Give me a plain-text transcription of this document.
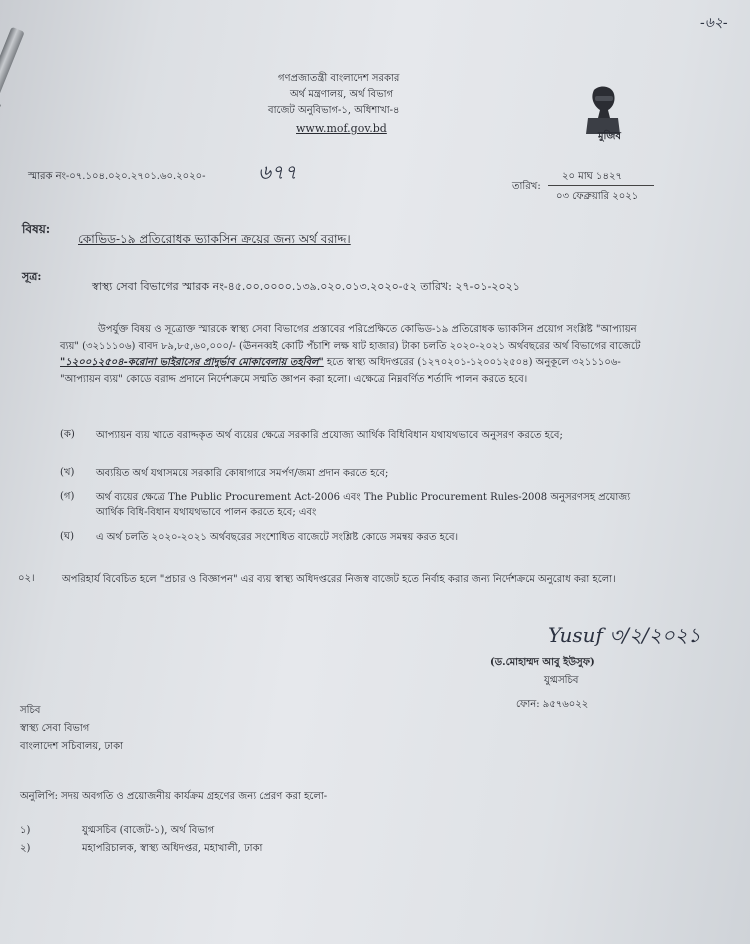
-৬২-
গণপ্রজাতন্ত্রী বাংলাদেশ সরকার
অর্থ মন্ত্রণালয়, অর্থ বিভাগ
বাজেট অনুবিভাগ-১, অধিশাখা-৪
www.mof.gov.bd
মুজিব
স্মারক নং-০৭.১০৪.০২০.২৭০১.৬০.২০২০-	৬৭৭
তারিখ:
২০ মাঘ ১৪২৭
০৩ ফেব্রুয়ারি ২০২১
বিষয়:
কোভিড-১৯ প্রতিরোধক ভ্যাকসিন ক্রয়ের জন্য অর্থ বরাদ্দ।
সূত্র:
স্বাস্থ্য সেবা বিভাগের স্মারক নং-৪৫.০০.০০০০.১৩৯.০২০.০১৩.২০২০-৫২ তারিখ: ২৭-০১-২০২১
উপর্যুক্ত বিষয় ও সূত্রোক্ত স্মারকে স্বাস্থ্য সেবা বিভাগের প্রস্তাবের পরিপ্রেক্ষিতে কোভিড-১৯ প্রতিরোধক ভ্যাকসিন প্রয়োগ সংশ্লিষ্ট "আপ্যায়ন ব্যয়" (৩২১১১০৬) বাবদ ৮৯,৮৫,৬০,০০০/- (ঊননব্বই কোটি পঁচাশি লক্ষ ষাট হাজার) টাকা চলতি ২০২০-২০২১ অর্থবছরের অর্থ বিভাগের বাজেটে "১২০০১২৫০৪-করোনা ভাইরাসের প্রাদুর্ভাব মোকাবেলায় তহবিল" হতে স্বাস্থ্য অধিদপ্তরের (১২৭০২০১-১২০০১২৫০৪) অনুকূলে ৩২১১১০৬-"আপ্যায়ন ব্যয়" কোডে বরাদ্দ প্রদানে নির্দেশক্রমে সম্মতি জ্ঞাপন করা হলো। এক্ষেত্রে নিম্নবর্ণিত শর্তাদি পালন করতে হবে।
(ক) আপ্যায়ন ব্যয় খাতে বরাদ্দকৃত অর্থ ব্যয়ের ক্ষেত্রে সরকারি প্রযোজ্য আর্থিক বিধিবিধান যথাযথভাবে অনুসরণ করতে হবে;
(খ) অব্যয়িত অর্থ যথাসময়ে সরকারি কোষাগারে সমর্পণ/জমা প্রদান করতে হবে;
(গ) অর্থ ব্যয়ের ক্ষেত্রে The Public Procurement Act-2006 এবং The Public Procurement Rules-2008 অনুসরণসহ প্রযোজ্য আর্থিক বিধি-বিধান যথাযথভাবে পালন করতে হবে; এবং
(ঘ) এ অর্থ চলতি ২০২০-২০২১ অর্থবছরের সংশোধিত বাজেটে সংশ্লিষ্ট কোডে সমন্বয় করত হবে।
০২।	অপরিহার্য বিবেচিত হলে "প্রচার ও বিজ্ঞাপন" এর ব্যয় স্বাস্থ্য অধিদপ্তরের নিজস্ব বাজেট হতে নির্বাহ করার জন্য নির্দেশক্রমে অনুরোধ করা হলো।
Yusuf ৩/২/২০২১
(ড.মোহাম্মদ আবু ইউসুফ)
যুগ্মসচিব
ফোন: ৯৫৭৬০২২
সচিব
স্বাস্থ্য সেবা বিভাগ
বাংলাদেশ সচিবালয়, ঢাকা
অনুলিপি: সদয় অবগতি ও প্রয়োজনীয় কার্যক্রম গ্রহণের জন্য প্রেরণ করা হলো-
১)	যুগ্মসচিব (বাজেট-১), অর্থ বিভাগ
২)	মহাপরিচালক, স্বাস্থ্য অধিদপ্তর, মহাখালী, ঢাকা
